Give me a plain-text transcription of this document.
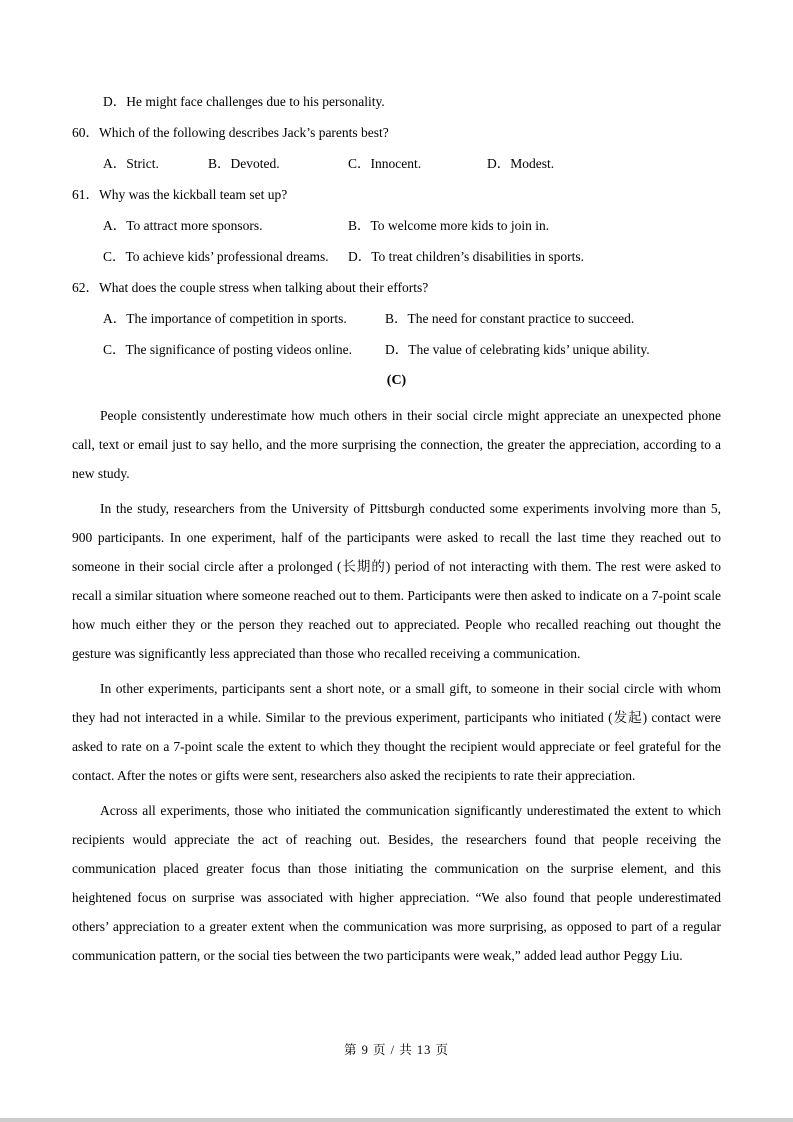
D．He might face challenges due to his personality.
60．Which of the following describes Jack’s parents best?
A．Strict.	B．Devoted.	C．Innocent.	D．Modest.
61．Why was the kickball team set up?
A．To attract more sponsors.	B．To welcome more kids to join in.
C．To achieve kids’ professional dreams. D．To treat children’s disabilities in sports.
62．What does the couple stress when talking about their efforts?
A．The importance of competition in sports.	B．The need for constant practice to succeed.
C．The significance of posting videos online. D．The value of celebrating kids’ unique ability.
(C)
People consistently underestimate how much others in their social circle might appreciate an unexpected phone call, text or email just to say hello, and the more surprising the connection, the greater the appreciation, according to a new study.
In the study, researchers from the University of Pittsburgh conducted some experiments involving more than 5, 900 participants. In one experiment, half of the participants were asked to recall the last time they reached out to someone in their social circle after a prolonged (长期的) period of not interacting with them. The rest were asked to recall a similar situation where someone reached out to them. Participants were then asked to indicate on a 7-point scale how much either they or the person they reached out to appreciated. People who recalled reaching out thought the gesture was significantly less appreciated than those who recalled receiving a communication.
In other experiments, participants sent a short note, or a small gift, to someone in their social circle with whom they had not interacted in a while. Similar to the previous experiment, participants who initiated (发起) contact were asked to rate on a 7-point scale the extent to which they thought the recipient would appreciate or feel grateful for the contact. After the notes or gifts were sent, researchers also asked the recipients to rate their appreciation.
Across all experiments, those who initiated the communication significantly underestimated the extent to which recipients would appreciate the act of reaching out. Besides, the researchers found that people receiving the communication placed greater focus than those initiating the communication on the surprise element, and this heightened focus on surprise was associated with higher appreciation. “We also found that people underestimated others’ appreciation to a greater extent when the communication was more surprising, as opposed to part of a regular communication pattern, or the social ties between the two participants were weak,” added lead author Peggy Liu.
第 9 页 / 共 13 页
